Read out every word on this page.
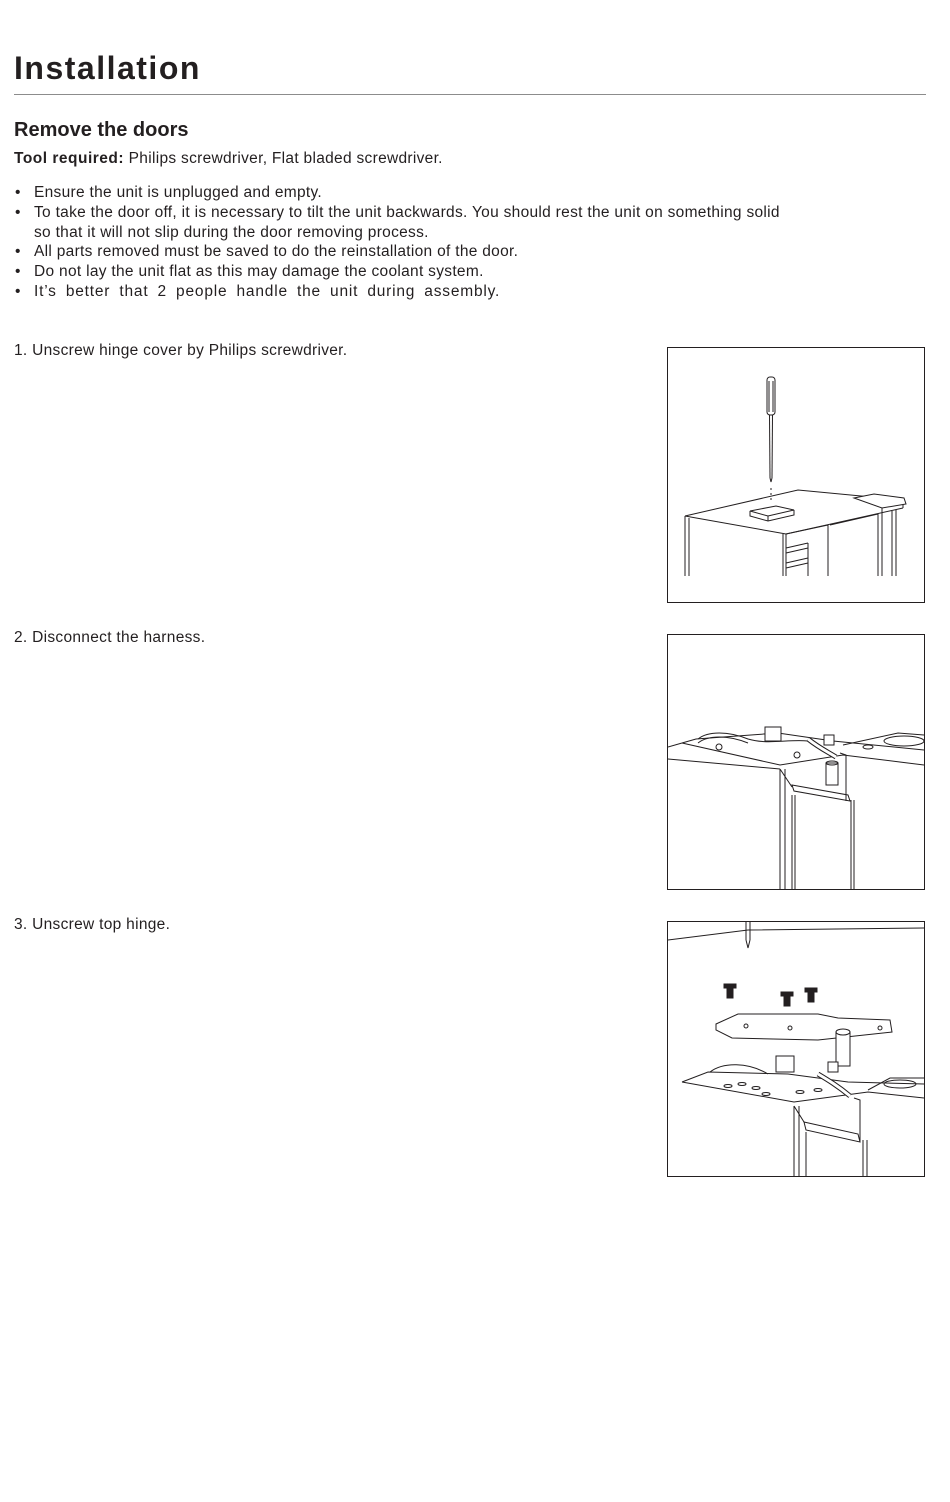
Installation
Remove the doors
Tool required: Philips screwdriver, Flat bladed screwdriver.
• Ensure the unit is unplugged and empty.
• To take the door off, it is necessary to tilt the unit backwards. You should rest the unit on something solid
so that it will not slip during the door removing process.
• All parts removed must be saved to do the reinstallation of the door.
• Do not lay the unit flat as this may damage the coolant system.
• It’s better that 2 people handle the unit during assembly.
1. Unscrew hinge cover by Philips screwdriver.
2. Disconnect the harness.
3. Unscrew top hinge.
